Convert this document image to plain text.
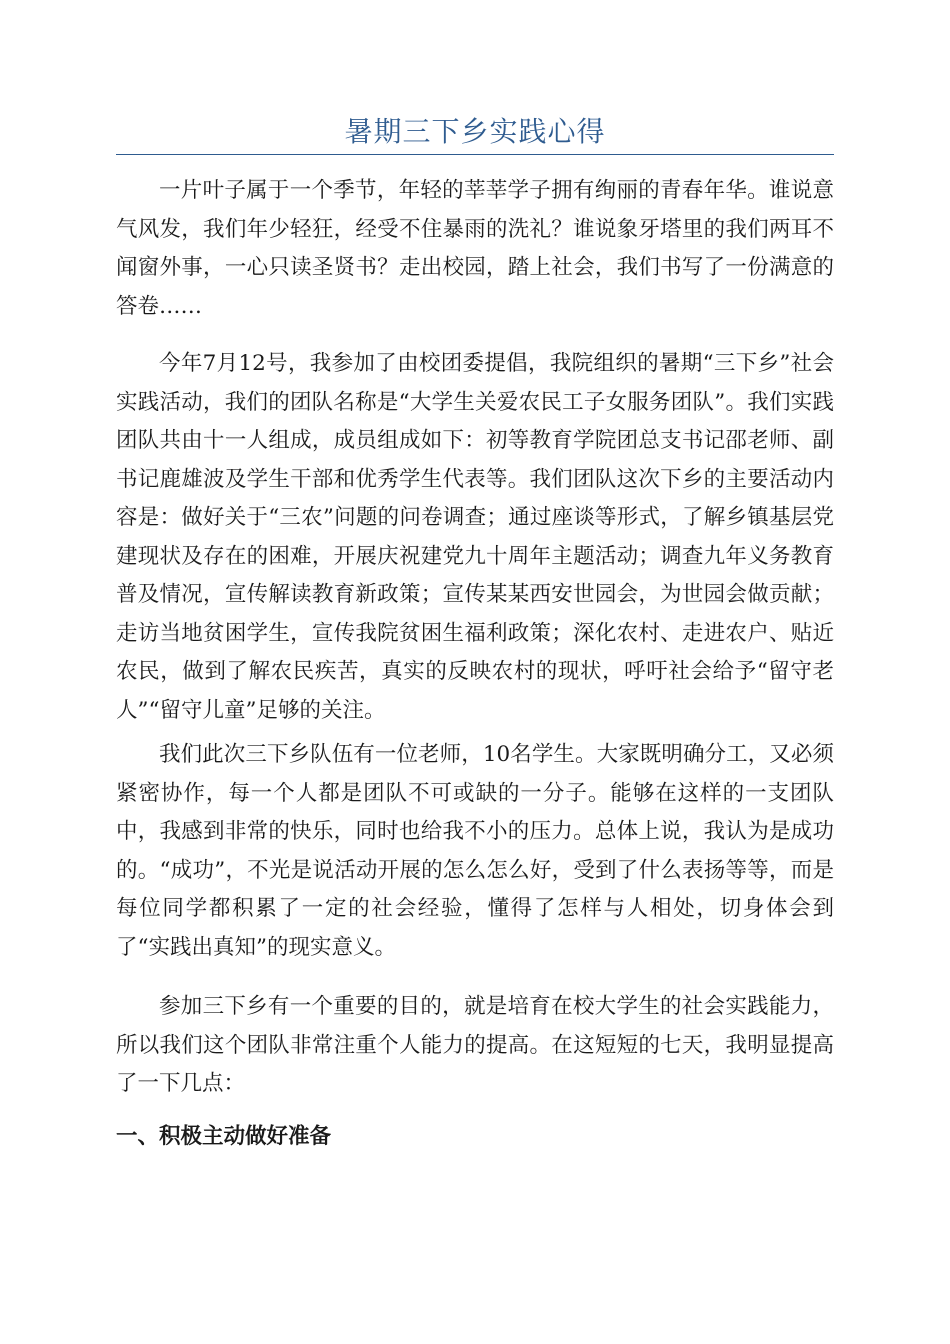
暑期三下乡实践心得

一片叶子属于一个季节，年轻的莘莘学子拥有绚丽的青春年华。谁说意气风发，我们年少轻狂，经受不住暴雨的洗礼？谁说象牙塔里的我们两耳不闻窗外事，一心只读圣贤书？走出校园，踏上社会，我们书写了一份满意的答卷……

今年7月12号，我参加了由校团委提倡，我院组织的暑期“三下乡”社会实践活动，我们的团队名称是“大学生关爱农民工子女服务团队”。我们实践团队共由十一人组成，成员组成如下：初等教育学院团总支书记邵老师、副书记鹿雄波及学生干部和优秀学生代表等。我们团队这次下乡的主要活动内容是：做好关于“三农”问题的问卷调查；通过座谈等形式，了解乡镇基层党建现状及存在的困难，开展庆祝建党九十周年主题活动；调查九年义务教育普及情况，宣传解读教育新政策；宣传某某西安世园会，为世园会做贡献；走访当地贫困学生，宣传我院贫困生福利政策；深化农村、走进农户、贴近农民，做到了解农民疾苦，真实的反映农村的现状，呼吁社会给予“留守老人”“留守儿童”足够的关注。

我们此次三下乡队伍有一位老师，10名学生。大家既明确分工，又必须紧密协作，每一个人都是团队不可或缺的一分子。能够在这样的一支团队中，我感到非常的快乐，同时也给我不小的压力。总体上说，我认为是成功的。“成功”，不光是说活动开展的怎么怎么好，受到了什么表扬等等，而是每位同学都积累了一定的社会经验，懂得了怎样与人相处，切身体会到了“实践出真知”的现实意义。

参加三下乡有一个重要的目的，就是培育在校大学生的社会实践能力，所以我们这个团队非常注重个人能力的提高。在这短短的七天，我明显提高了一下几点：

一、积极主动做好准备
